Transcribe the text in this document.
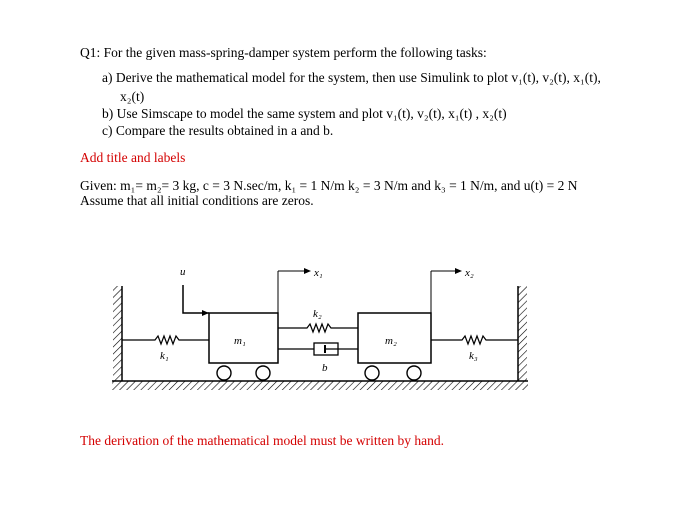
Q1: For the given mass-spring-damper system perform the following tasks:
a) Derive the mathematical model for the system, then use Simulink to plot v₁(t), v₂(t), x₁(t),
x₂(t)
b) Use Simscape to model the same system and plot v₁(t), v₂(t), x₁(t) , x₂(t)
c) Compare the results obtained in a and b.
Add title and labels
Given: m₁= m₂= 3 kg, c = 3 N.sec/m, k₁ = 1 N/m k₂ = 3 N/m and k₃ = 1 N/m, and u(t) = 2 N
Assume that all initial conditions are zeros.
The derivation of the mathematical model must be written by hand.
u	x₁	x₂
m₁	m₂
k₁
k₂
k₃
b
